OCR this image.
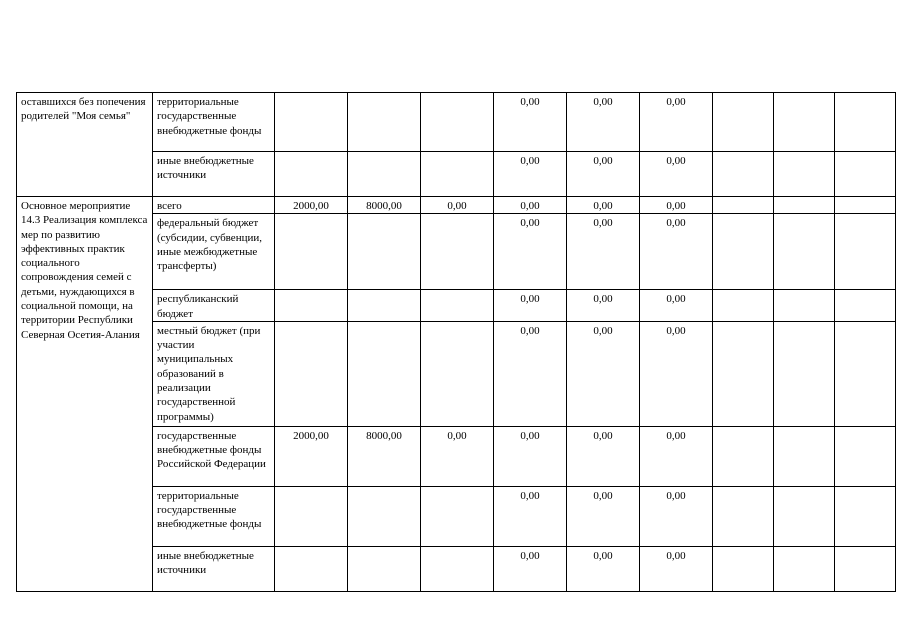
оставшихся без попечения родителей "Моя семья"	территориальные государственные внебюджетные фонды				0,00	0,00	0,00			
	иные внебюджетные источники				0,00	0,00	0,00			
Основное мероприятие 14.3 Реализация комплекса мер по развитию эффективных практик социального сопровождения семей с детьми, нуждающихся в социальной помощи, на территории Республики Северная Осетия-Алания	всего	2000,00	8000,00	0,00	0,00	0,00	0,00			
	федеральный бюджет (субсидии, субвенции, иные межбюджетные трансферты)				0,00	0,00	0,00			
	республиканский бюджет				0,00	0,00	0,00			
	местный бюджет (при участии муниципальных образований в реализации государственной программы)				0,00	0,00	0,00			
	государственные внебюджетные фонды Российской Федерации	2000,00	8000,00	0,00	0,00	0,00	0,00			
	территориальные государственные внебюджетные фонды				0,00	0,00	0,00			
	иные внебюджетные источники				0,00	0,00	0,00			
